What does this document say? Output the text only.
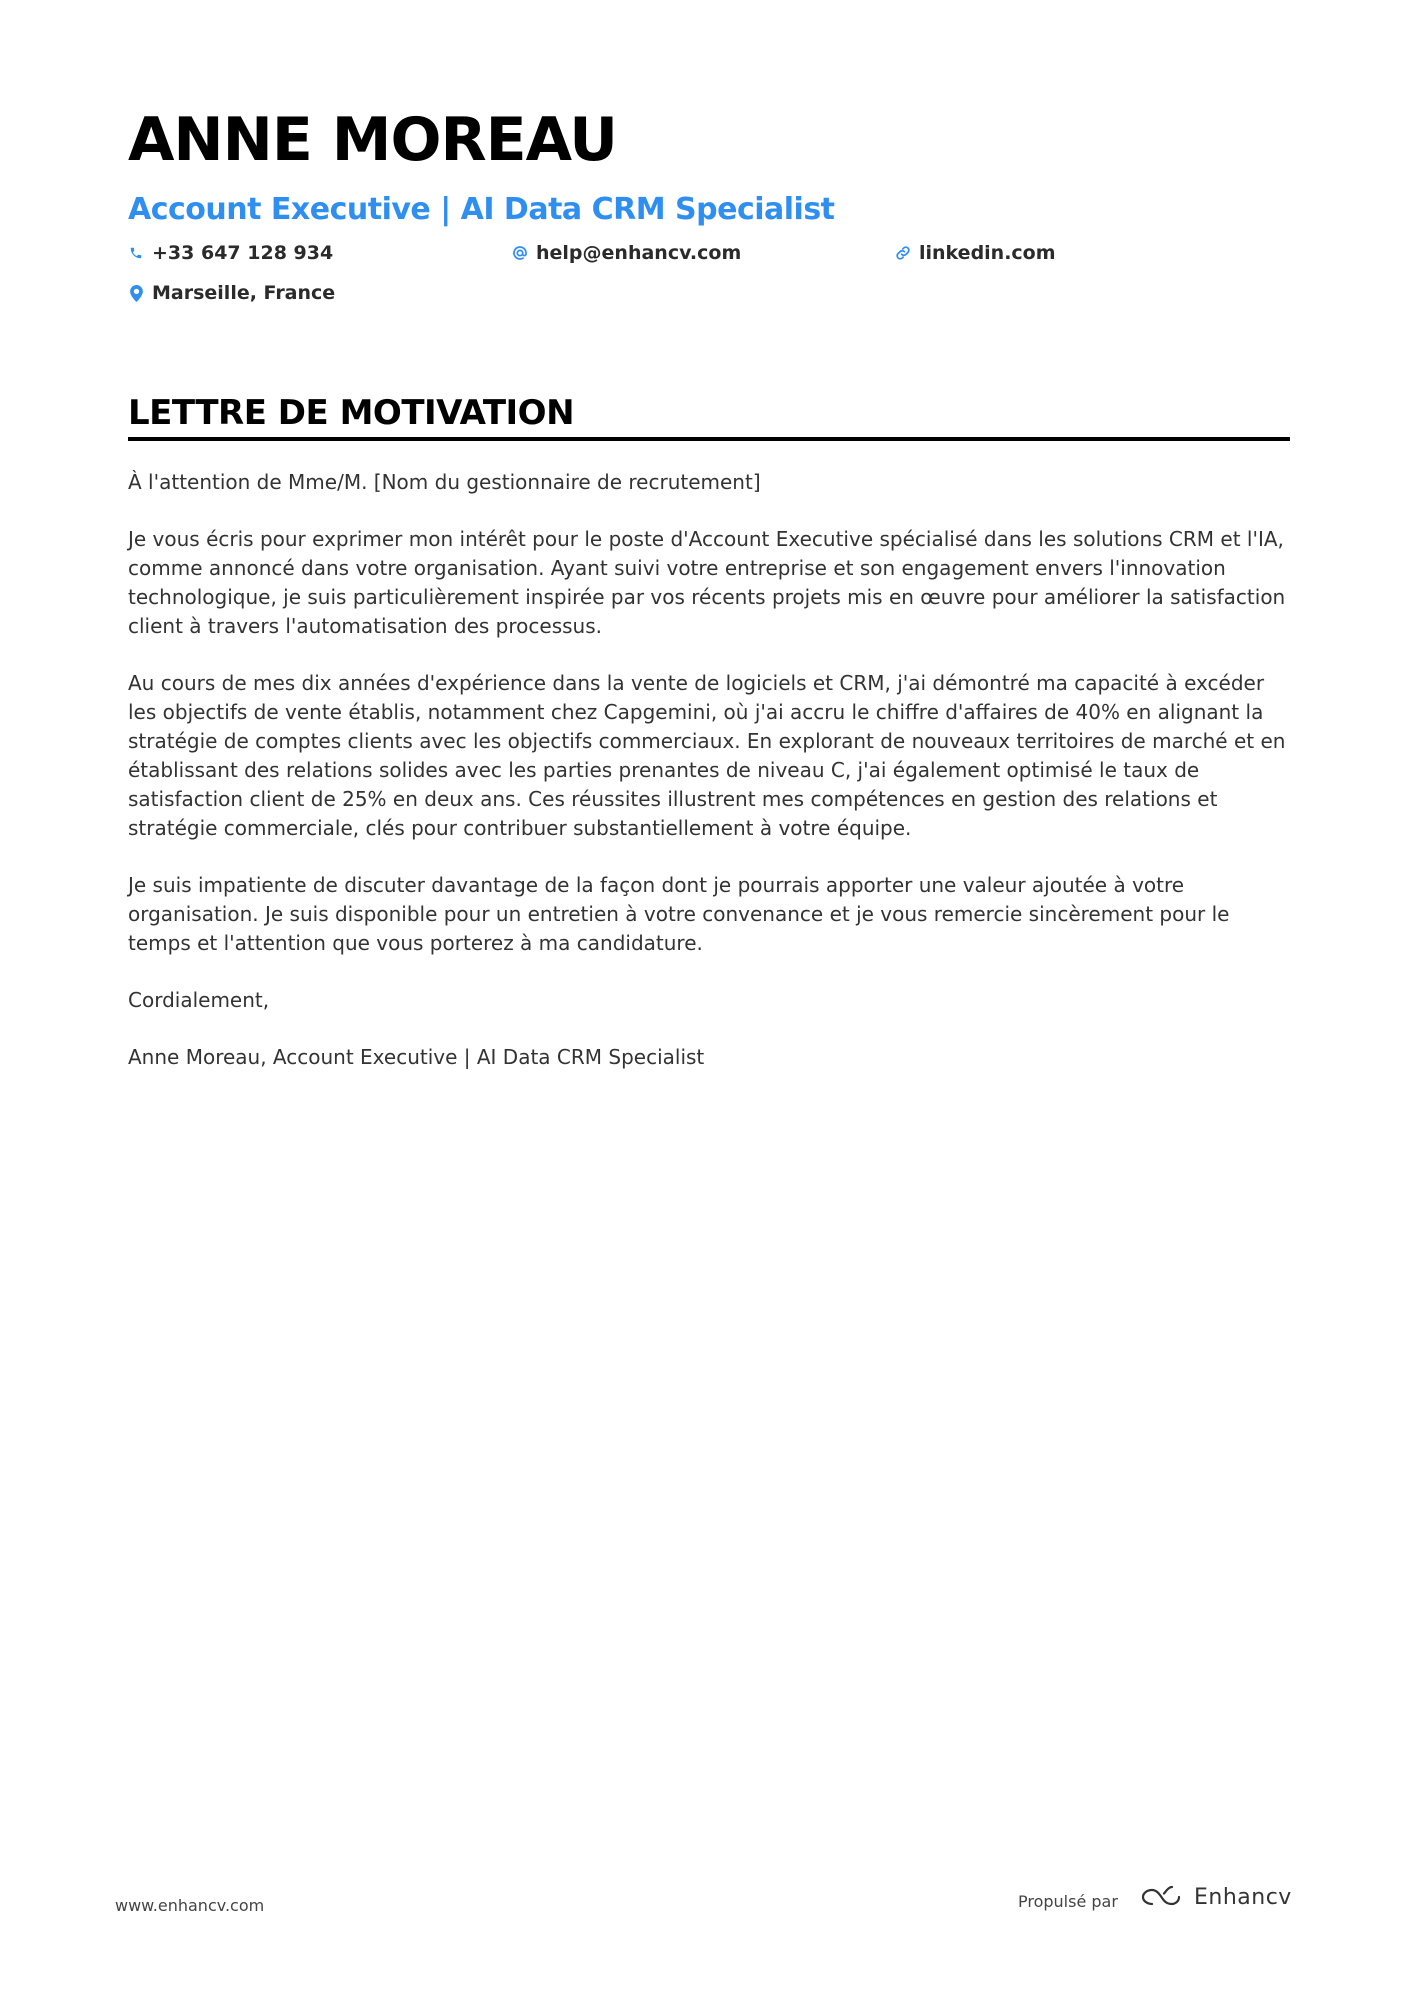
ANNE MOREAU
Account Executive | AI Data CRM Specialist
+33 647 128 934	help@enhancv.com	linkedin.com
Marseille, France
LETTRE DE MOTIVATION

À l'attention de Mme/M. [Nom du gestionnaire de recrutement]

Je vous écris pour exprimer mon intérêt pour le poste d'Account Executive spécialisé dans les solutions CRM et l'IA, comme annoncé dans votre organisation. Ayant suivi votre entreprise et son engagement envers l'innovation technologique, je suis particulièrement inspirée par vos récents projets mis en œuvre pour améliorer la satisfaction client à travers l'automatisation des processus.

Au cours de mes dix années d'expérience dans la vente de logiciels et CRM, j'ai démontré ma capacité à excéder les objectifs de vente établis, notamment chez Capgemini, où j'ai accru le chiffre d'affaires de 40% en alignant la stratégie de comptes clients avec les objectifs commerciaux. En explorant de nouveaux territoires de marché et en établissant des relations solides avec les parties prenantes de niveau C, j'ai également optimisé le taux de satisfaction client de 25% en deux ans. Ces réussites illustrent mes compétences en gestion des relations et stratégie commerciale, clés pour contribuer substantiellement à votre équipe.

Je suis impatiente de discuter davantage de la façon dont je pourrais apporter une valeur ajoutée à votre organisation. Je suis disponible pour un entretien à votre convenance et je vous remercie sincèrement pour le temps et l'attention que vous porterez à ma candidature.

Cordialement,

Anne Moreau, Account Executive | AI Data CRM Specialist

www.enhancv.com	Propulsé par	Enhancv
